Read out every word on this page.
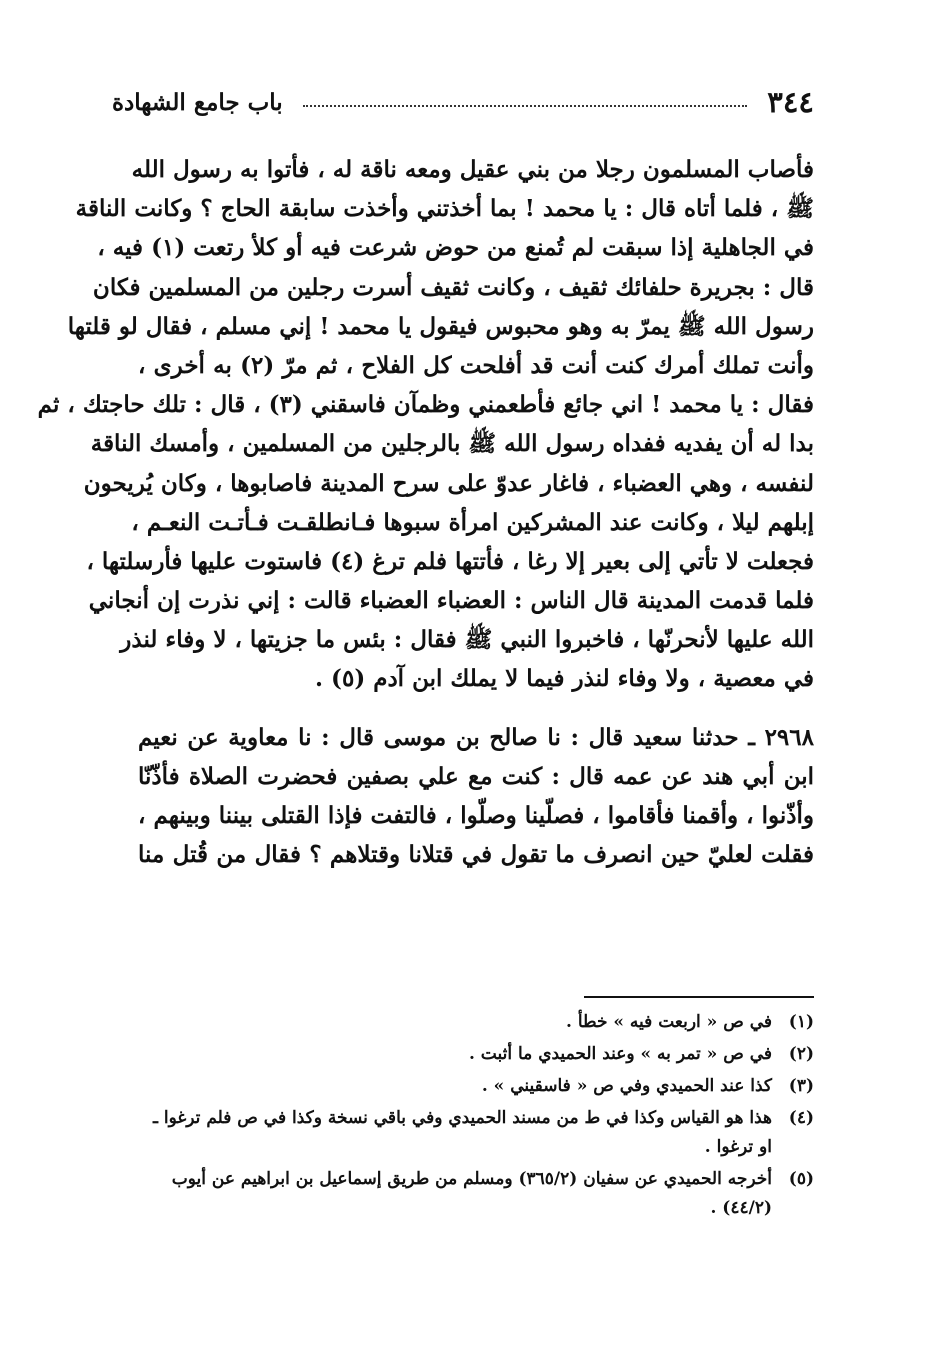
٣٤٤
باب جامع الشهادة
فأصاب المسلمون رجلا من بني عقيل ومعه ناقة له ، فأتوا به رسول الله
ﷺ ، فلما أتاه قال : يا محمد ! بما أخذتني وأخذت سابقة الحاج ؟ وكانت الناقة
في الجاهلية إذا سبقت لم تُمنع من حوض شرعت فيه أو كلأ رتعت (١) فيه ،
قال : بجريرة حلفائك ثقيف ، وكانت ثقيف أسرت رجلين من المسلمين فكان
رسول الله ﷺ يمرّ به وهو محبوس فيقول يا محمد ! إني مسلم ، فقال لو قلتها
وأنت تملك أمرك كنت أنت قد أفلحت كل الفلاح ، ثم مرّ (٢) به أخرى ،
فقال : يا محمد ! اني جائع فأطعمني وظمآن فاسقني (٣) ، قال : تلك حاجتك ، ثم
بدا له أن يفديه ففداه رسول الله ﷺ بالرجلين من المسلمين ، وأمسك الناقة
لنفسه ، وهي العضباء ، فاغار عدوّ على سرح المدينة فاصابوها ، وكان يُريحون
إبلهم ليلا ، وكانت عند المشركين امرأة سبوها فـانطلقـت فـأتـت النعـم ،
فجعلت لا تأتي إلى بعير إلا رغا ، فأتتها فلم ترغ (٤) فاستوت عليها فأرسلتها ،
فلما قدمت المدينة قال الناس : العضباء العضباء قالت : إني نذرت إن أنجاني
الله عليها لأنحرنّها ، فاخبروا النبي ﷺ فقال : بئس ما جزيتها ، لا وفاء لنذر
في معصية ، ولا وفاء لنذر فيما لا يملك ابن آدم (٥) .
٢٩٦٨ ـ حدثنا سعيد قال : نا صالح بن موسى قال : نا معاوية عن نعيم
ابن أبي هند عن عمه قال : كنت مع علي بصفين فحضرت الصلاة فأذّنّا
وأذّنوا ، وأقمنا فأقاموا ، فصلّينا وصلّوا ، فالتفت فإذا القتلى بيننا وبينهم ،
فقلت لعليّ حين انصرف ما تقول في قتلانا وقتلاهم ؟ فقال من قُتل منا
(١)
في ص « اربعت فيه » خطأ .
(٢)
في ص « تمر به » وعند الحميدي ما أثبت .
(٣)
كذا عند الحميدي وفي ص « فاسقيني » .
(٤)
هذا هو القياس وكذا في ط من مسند الحميدي وفي باقي نسخة وكذا في ص فلم ترغوا ـ
او ترغوا .
(٥)
أخرجه الحميدي عن سفيان (٣٦٥/٢) ومسلم من طريق إسماعيل بن ابراهيم عن أيوب
(٤٤/٢) .
